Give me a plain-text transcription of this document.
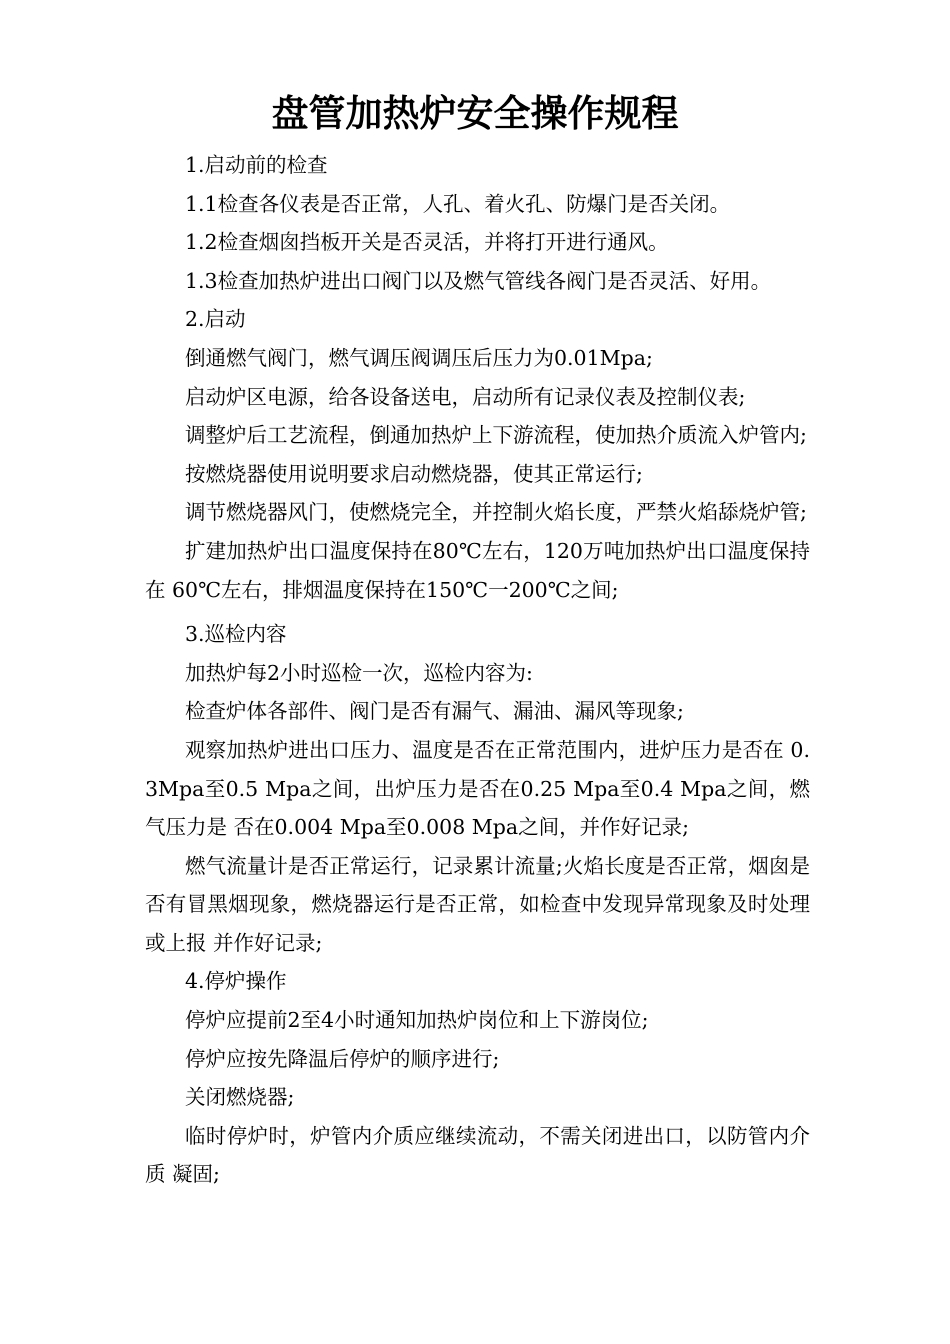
盘管加热炉安全操作规程

1.启动前的检查

1.1检查各仪表是否正常，人孔、着火孔、防爆门是否关闭。

1.2检查烟囱挡板开关是否灵活，并将打开进行通风。

1.3检查加热炉进出口阀门以及燃气管线各阀门是否灵活、好用。

2.启动

倒通燃气阀门，燃气调压阀调压后压力为0.01Mpa;

启动炉区电源，给各设备送电，启动所有记录仪表及控制仪表;

调整炉后工艺流程，倒通加热炉上下游流程，使加热介质流入炉管内;

按燃烧器使用说明要求启动燃烧器，使其正常运行;

调节燃烧器风门，使燃烧完全，并控制火焰长度，严禁火焰舔烧炉管;

扩建加热炉出口温度保持在80℃左右，120万吨加热炉出口温度保持在 60℃左右，排烟温度保持在150℃一200℃之间;

3.巡检内容

加热炉每2小时巡检一次，巡检内容为:

检查炉体各部件、阀门是否有漏气、漏油、漏风等现象;

观察加热炉进出口压力、温度是否在正常范围内，进炉压力是否在 0.3Mpa至0.5 Mpa之间，出炉压力是否在0.25 Mpa至0.4 Mpa之间，燃气压力是 否在0.004 Mpa至0.008 Mpa之间，并作好记录;

燃气流量计是否正常运行，记录累计流量;火焰长度是否正常，烟囱是否有冒黑烟现象，燃烧器运行是否正常，如检查中发现异常现象及时处理或上报 并作好记录;

4.停炉操作

停炉应提前2至4小时通知加热炉岗位和上下游岗位;

停炉应按先降温后停炉的顺序进行;

关闭燃烧器;

临时停炉时，炉管内介质应继续流动，不需关闭进出口，以防管内介质 凝固;
